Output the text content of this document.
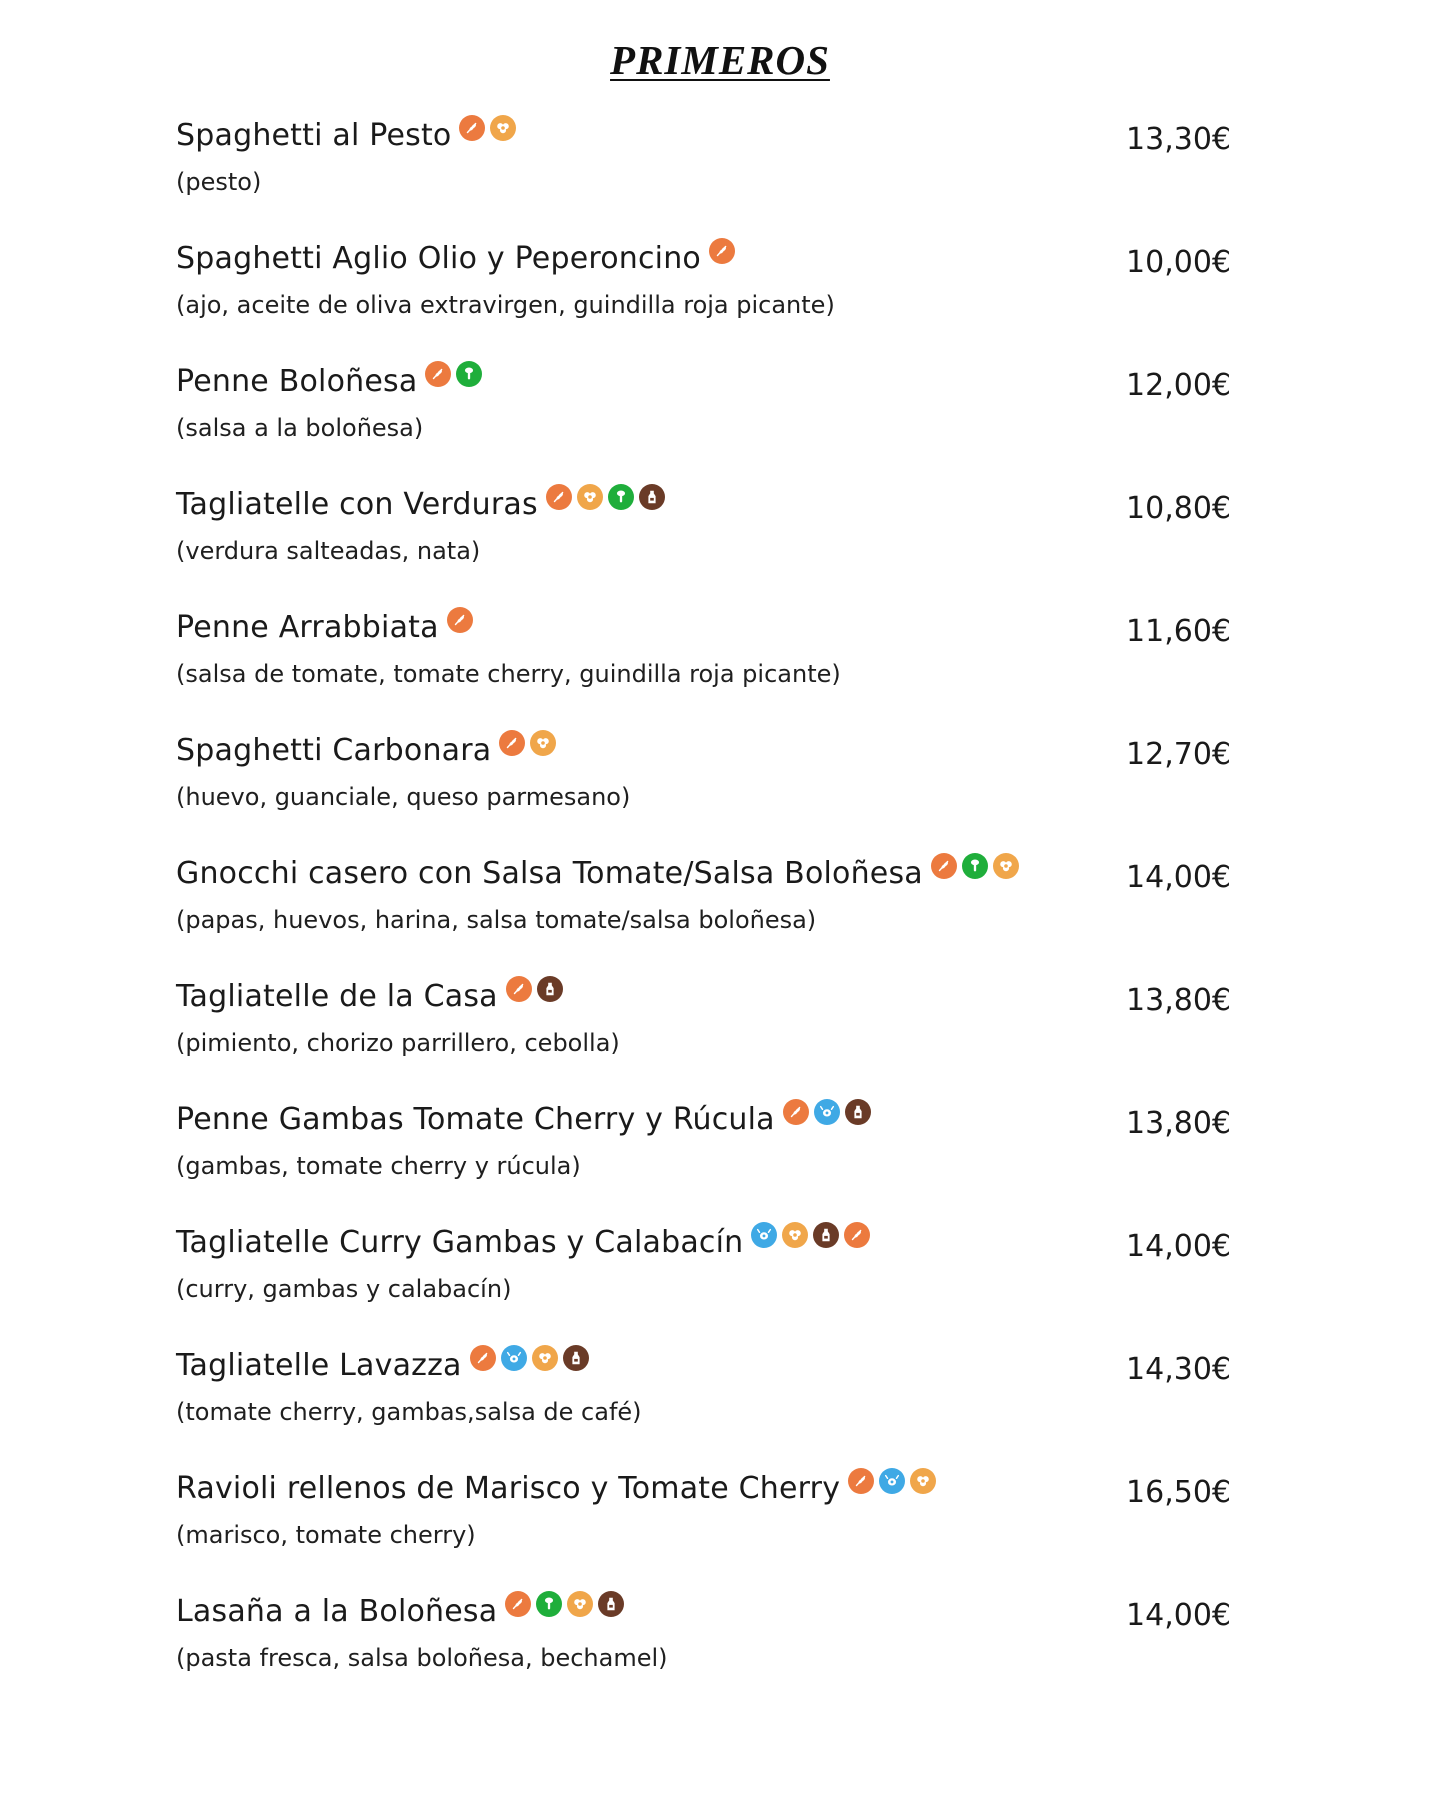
PRIMEROS
Spaghetti al Pesto
(pesto)
13,30€
Spaghetti Aglio Olio y Peperoncino
(ajo, aceite de oliva extravirgen, guindilla roja picante)
10,00€
Penne Boloñesa
(salsa a la boloñesa)
12,00€
Tagliatelle con Verduras
(verdura salteadas, nata)
10,80€
Penne Arrabbiata
(salsa de tomate, tomate cherry, guindilla roja picante)
11,60€
Spaghetti Carbonara
(huevo, guanciale, queso parmesano)
12,70€
Gnocchi casero con Salsa Tomate/Salsa Boloñesa
(papas, huevos, harina, salsa tomate/salsa boloñesa)
14,00€
Tagliatelle de la Casa
(pimiento, chorizo parrillero, cebolla)
13,80€
Penne Gambas Tomate Cherry y Rúcula
(gambas, tomate cherry y rúcula)
13,80€
Tagliatelle Curry Gambas y Calabacín
(curry, gambas y calabacín)
14,00€
Tagliatelle Lavazza
(tomate cherry, gambas,salsa de café)
14,30€
Ravioli rellenos de Marisco y Tomate Cherry
(marisco, tomate cherry)
16,50€
Lasaña a la Boloñesa
(pasta fresca, salsa boloñesa, bechamel)
14,00€
